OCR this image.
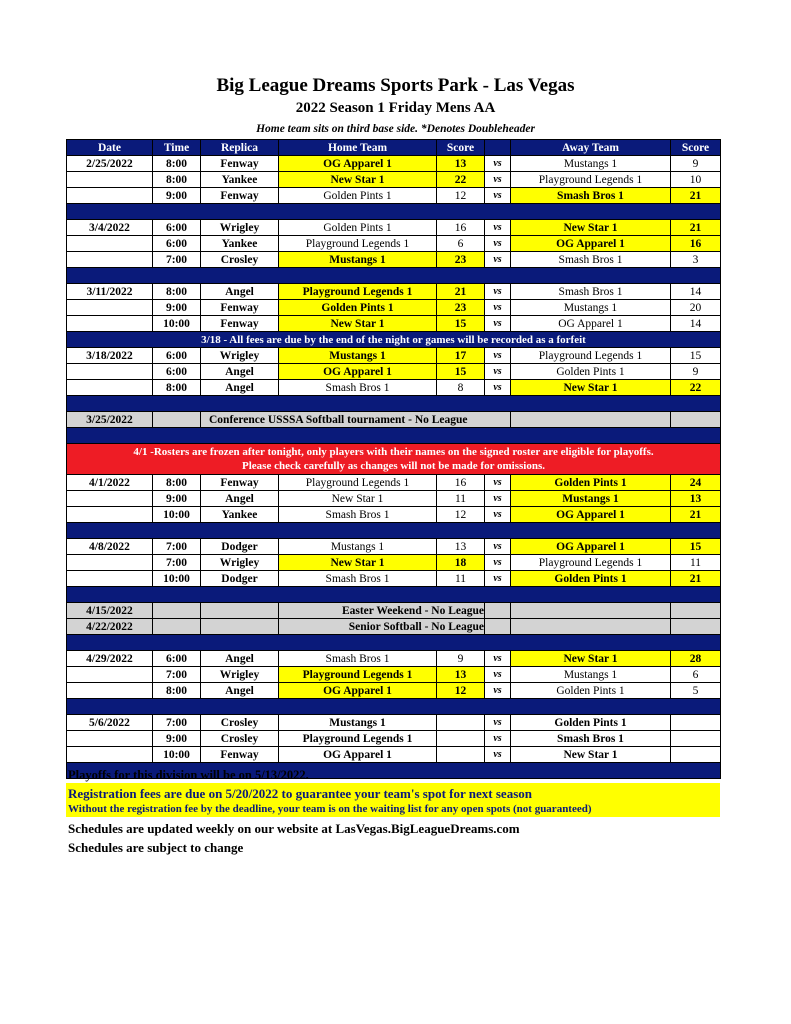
Big League Dreams Sports Park - Las Vegas
2022 Season 1 Friday Mens AA
Home team sits on third base side. *Denotes Doubleheader
Date	Time	Replica	Home Team	Score		Away Team	Score
2/25/2022	8:00	Fenway	OG Apparel 1	13	vs	Mustangs 1	9
	8:00	Yankee	New Star 1	22	vs	Playground Legends 1	10
	9:00	Fenway	Golden Pints 1	12	vs	Smash Bros 1	21

3/4/2022	6:00	Wrigley	Golden Pints 1	16	vs	New Star 1	21
	6:00	Yankee	Playground Legends 1	6	vs	OG Apparel 1	16
	7:00	Crosley	Mustangs 1	23	vs	Smash Bros 1	3

3/11/2022	8:00	Angel	Playground Legends 1	21	vs	Smash Bros 1	14
	9:00	Fenway	Golden Pints 1	23	vs	Mustangs 1	20
	10:00	Fenway	New Star 1	15	vs	OG Apparel 1	14
3/18 - All fees are due by the end of the night or games will be recorded as a forfeit							
3/18/2022	6:00	Wrigley	Mustangs 1	17	vs	Playground Legends 1	15
	6:00	Angel	OG Apparel 1	15	vs	Golden Pints 1	9
	8:00	Angel	Smash Bros 1	8	vs	New Star 1	22

3/25/2022		Conference USSSA Softball tournament - No League					

4/1 -Rosters are frozen after tonight, only players with their names on the signed roster are eligible for playoffs.
Please check carefully as changes will not be made for omissions.							

4/1/2022	8:00	Fenway	Playground Legends 1	16	vs	Golden Pints 1	24
	9:00	Angel	New Star 1	11	vs	Mustangs 1	13
	10:00	Yankee	Smash Bros 1	12	vs	OG Apparel 1	21

4/8/2022	7:00	Dodger	Mustangs 1	13	vs	OG Apparel 1	15
	7:00	Wrigley	New Star 1	18	vs	Playground Legends 1	11
	10:00	Dodger	Smash Bros 1	11	vs	Golden Pints 1	21

4/15/2022			Easter Weekend - No League				
4/22/2022			Senior Softball - No League				

4/29/2022	6:00	Angel	Smash Bros 1	9	vs	New Star 1	28
	7:00	Wrigley	Playground Legends 1	13	vs	Mustangs 1	6
	8:00	Angel	OG Apparel 1	12	vs	Golden Pints 1	5

5/6/2022	7:00	Crosley	Mustangs 1		vs	Golden Pints 1	
	9:00	Crosley	Playground Legends 1		vs	Smash Bros 1	
	10:00	Fenway	OG Apparel 1		vs	New Star 1	

Playoffs for this division will be on 5/13/2022.
Registration fees are due on 5/20/2022 to guarantee your team's spot for next season
Without the registration fee by the deadline, your team is on the waiting list for any open spots (not guaranteed)
Schedules are updated weekly on our website at LasVegas.BigLeagueDreams.com
Schedules are subject to change
